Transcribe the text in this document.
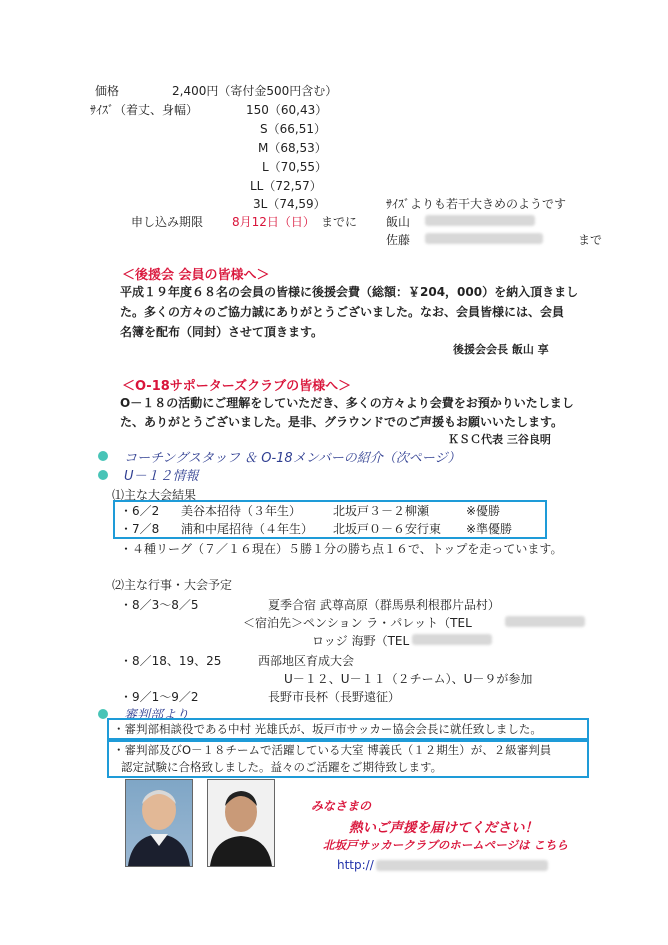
価格	2,400円（寄付金500円含む）
ｻｲｽﾞ（着丈、身幅）	150（60,43）
S（66,51）
M（68,53）
L（70,55）
LL（72,57）
3L（74,59）	ｻｲｽﾞよりも若干大きめのようです
申し込み期限 8月12日（日） までに 飯山
佐藤	まで
＜後援会 会員の皆様へ＞
平成１９年度６８名の会員の皆様に後援会費（総額：￥204，000）を納入頂きまし
た。多くの方々のご協力誠にありがとうございました。なお、会員皆様には、会員
名簿を配布（同封）させて頂きます。
後援会会長 飯山 享
＜O-18サポーターズクラブの皆様へ＞
O－１８の活動にご理解をしていただき、多くの方々より会費をお預かりいたしまし
た、ありがとうございました。是非、グラウンドでのご声援もお願いいたします。
ＫＳＣ代表 三谷良明
コーチングスタッフ ＆ O-18メンバーの紹介（次ページ）
U－１２情報
⑴主な大会結果
・6／2 美谷本招待（３年生）	北坂戸３－２柳瀬	※優勝
・7／8 浦和中尾招待（４年生） 北坂戸０－６安行東 ※準優勝
・４種リーグ（７／１６現在）５勝１分の勝ち点１６で、トップを走っています。
⑵主な行事・大会予定
・8／3～8／5	夏季合宿 武尊高原（群馬県利根郡片品村）
＜宿泊先＞ペンション ラ・パレット（TEL
ロッジ 海野（TEL
・8／18、19、25	西部地区育成大会
U－１２、U－１１（２チーム）、U－９が参加
・9／1～9／2	長野市長杯（長野遠征）
審判部より
・審判部相談役である中村 光雄氏が、坂戸市サッカー協会会長に就任致しました。
・審判部及びO－１８チームで活躍している大室 博義氏（１２期生）が、２級審判員
認定試験に合格致しました。益々のご活躍をご期待致します。
みなさまの
熱いご声援を届けてください！
北坂戸サッカークラブのホームページは こちら
http://
